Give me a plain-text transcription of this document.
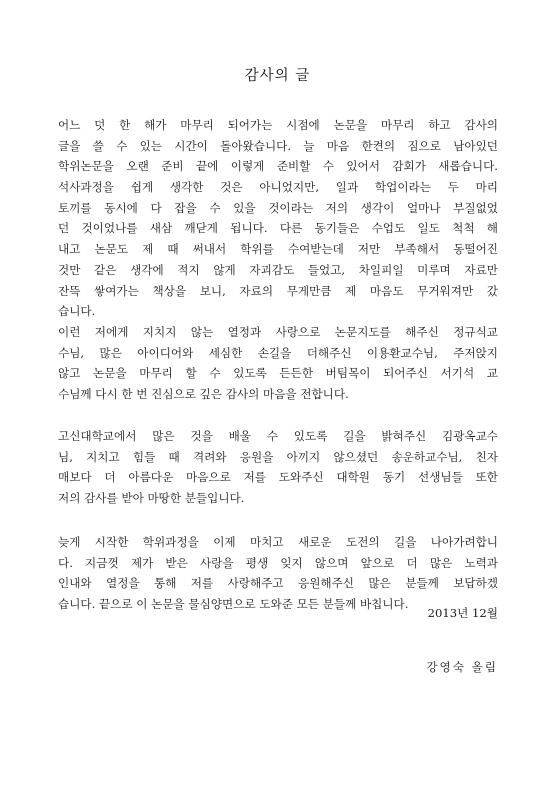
감사의 글
어느 덧 한 해가 마무리 되어가는 시점에 논문을 마무리 하고 감사의
글을 쓸 수 있는 시간이 돌아왔습니다. 늘 마음 한켠의 짐으로 남아있던
학위논문을 오랜 준비 끝에 이렇게 준비할 수 있어서 감회가 새롭습니다.
석사과정을 쉽게 생각한 것은 아니었지만, 일과 학업이라는 두 마리
토끼를 동시에 다 잡을 수 있을 것이라는 저의 생각이 얼마나 부질없었
던 것이었나를 새삼 깨닫게 됩니다. 다른 동기들은 수업도 일도 척척 해
내고 논문도 제 때 써내서 학위를 수여받는데 저만 부족해서 동떨어진
것만 같은 생각에 적지 않게 자괴감도 들었고, 차일피일 미루며 자료만
잔뜩 쌓여가는 책상을 보니, 자료의 무게만큼 제 마음도 무거워져만 갔
습니다.
이런 저에게 지치지 않는 열정과 사랑으로 논문지도를 해주신 정규식교
수님, 많은 아이디어와 세심한 손길을 더해주신 이용환교수님, 주저앉지
않고 논문을 마무리 할 수 있도록 든든한 버팀목이 되어주신 서기석 교
수님께 다시 한 번 진심으로 깊은 감사의 마음을 전합니다.
고신대학교에서 많은 것을 배울 수 있도록 길을 밝혀주신 김광옥교수
님, 지치고 힘들 때 격려와 응원을 아끼지 않으셨던 송운하교수님, 친자
매보다 더 아름다운 마음으로 저를 도와주신 대학원 동기 선생님들 또한
저의 감사를 받아 마땅한 분들입니다.
늦게 시작한 학위과정을 이제 마치고 새로운 도전의 길을 나아가려합니
다. 지금껏 제가 받은 사랑을 평생 잊지 않으며 앞으로 더 많은 노력과
인내와 열정을 통해 저를 사랑해주고 응원해주신 많은 분들께 보답하겠
습니다. 끝으로 이 논문을 물심양면으로 도와준 모든 분들께 바칩니다.
2013년 12월
강영숙 올림
